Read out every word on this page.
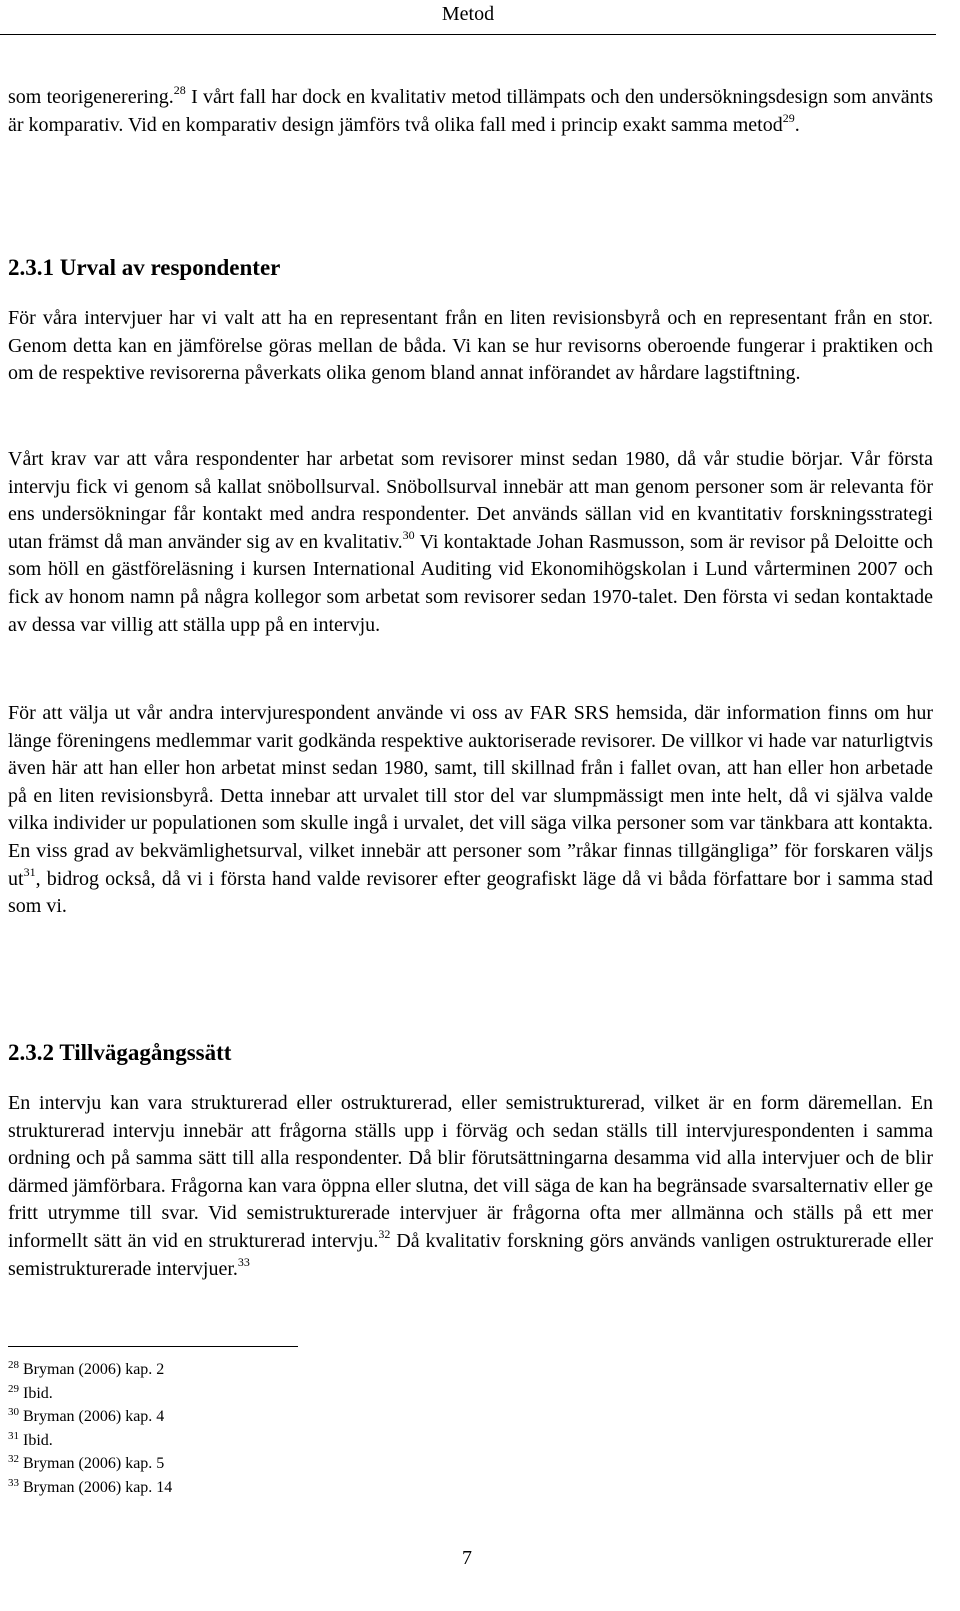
Metod

som teorigenerering.$^{28}$ I vårt fall har dock en kvalitativ metod tillämpats och den undersökningsdesign som använts är komparativ. Vid en komparativ design jämförs två olika fall med i princip exakt samma metod$^{29}$.

2.3.1 Urval av respondenter

För våra intervjuer har vi valt att ha en representant från en liten revisionsbyrå och en representant från en stor. Genom detta kan en jämförelse göras mellan de båda. Vi kan se hur revisorns oberoende fungerar i praktiken och om de respektive revisorerna påverkats olika genom bland annat införandet av hårdare lagstiftning.

Vårt krav var att våra respondenter har arbetat som revisorer minst sedan 1980, då vår studie börjar. Vår första intervju fick vi genom så kallat snöbollsurval. Snöbollsurval innebär att man genom personer som är relevanta för ens undersökningar får kontakt med andra respondenter. Det används sällan vid en kvantitativ forskningsstrategi utan främst då man använder sig av en kvalitativ.$^{30}$ Vi kontaktade Johan Rasmusson, som är revisor på Deloitte och som höll en gästföreläsning i kursen International Auditing vid Ekonomihögskolan i Lund vårterminen 2007 och fick av honom namn på några kollegor som arbetat som revisorer sedan 1970-talet. Den första vi sedan kontaktade av dessa var villig att ställa upp på en intervju.

För att välja ut vår andra intervjurespondent använde vi oss av FAR SRS hemsida, där information finns om hur länge föreningens medlemmar varit godkända respektive auktoriserade revisorer. De villkor vi hade var naturligtvis även här att han eller hon arbetat minst sedan 1980, samt, till skillnad från i fallet ovan, att han eller hon arbetade på en liten revisionsbyrå. Detta innebar att urvalet till stor del var slumpmässigt men inte helt, då vi själva valde vilka individer ur populationen som skulle ingå i urvalet, det vill säga vilka personer som var tänkbara att kontakta. En viss grad av bekvämlighetsurval, vilket innebär att personer som ”råkar finnas tillgängliga” för forskaren väljs $ut^{31}$, bidrog också, då vi i första hand valde revisorer efter geografiskt läge då vi båda författare bor i samma stad som vi.

2.3.2 Tillvägagångssätt

En intervju kan vara strukturerad eller ostrukturerad, eller semistrukturerad, vilket är en form däremellan. En strukturerad intervju innebär att frågorna ställs upp i förväg och sedan ställs till intervjurespondenten i samma ordning och på samma sätt till alla respondenter. Då blir förutsättningarna desamma vid alla intervjuer och de blir därmed jämförbara. Frågorna kan vara öppna eller slutna, det vill säga de kan ha begränsade svarsalternativ eller ge fritt utrymme till svar. Vid semistrukturerade intervjuer är frågorna ofta mer allmänna och ställs på ett mer informellt sätt än vid en strukturerad intervju.$^{32}$ Då kvalitativ forskning görs används vanligen ostrukturerade eller semistrukturerade intervjuer.$^{33}$

$^{28}$ Bryman (2006) kap. 2
$^{29}$ Ibid.
$^{30}$ Bryman (2006) kap. 4
$^{31}$ Ibid.
$^{32}$ Bryman (2006) kap. 5
$^{33}$ Bryman (2006) kap. 14
7
